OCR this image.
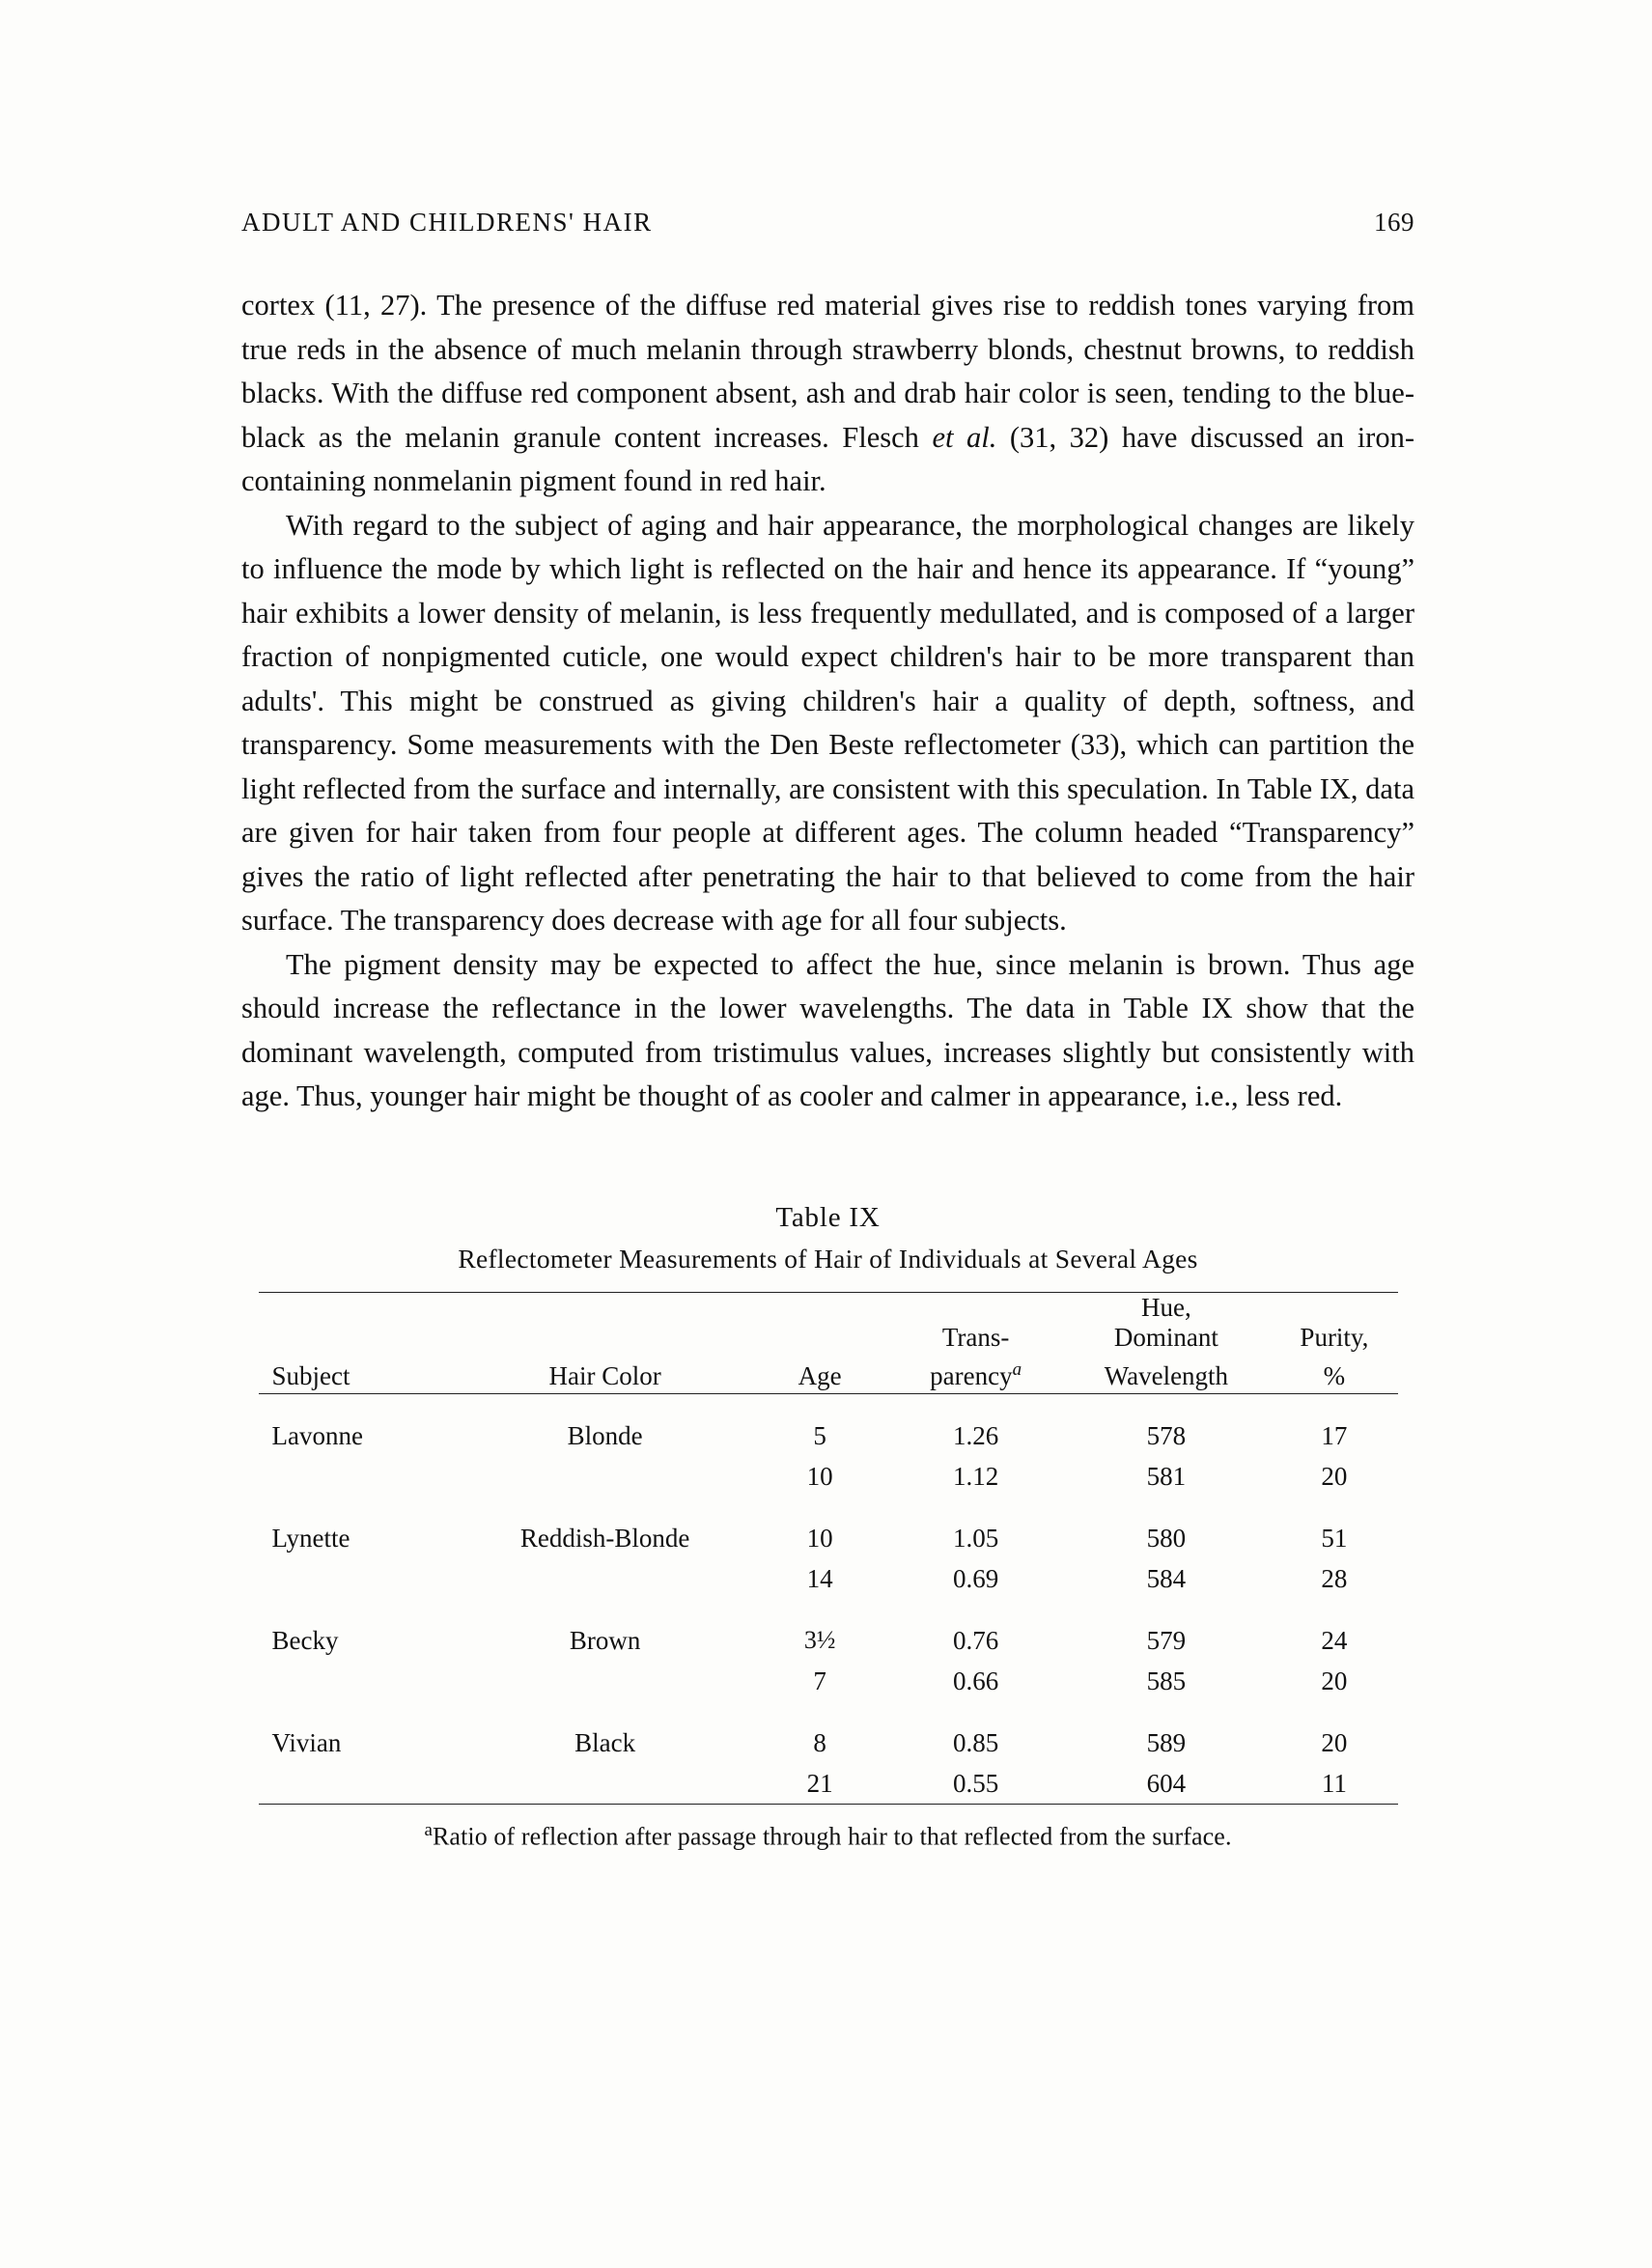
ADULT AND CHILDRENS' HAIR	169

cortex (11, 27). The presence of the diffuse red material gives rise to reddish tones varying from true reds in the absence of much melanin through strawberry blonds, chestnut browns, to reddish blacks. With the diffuse red component absent, ash and drab hair color is seen, tending to the blue-black as the melanin granule content increases. Flesch et al. (31, 32) have discussed an iron-containing nonmelanin pigment found in red hair.

With regard to the subject of aging and hair appearance, the morphological changes are likely to influence the mode by which light is reflected on the hair and hence its appearance. If “young” hair exhibits a lower density of melanin, is less frequently medullated, and is composed of a larger fraction of nonpigmented cuticle, one would expect children's hair to be more transparent than adults'. This might be construed as giving children's hair a quality of depth, softness, and transparency. Some measurements with the Den Beste reflectometer (33), which can partition the light reflected from the surface and internally, are consistent with this speculation. In Table IX, data are given for hair taken from four people at different ages. The column headed “Transparency” gives the ratio of light reflected after penetrating the hair to that believed to come from the hair surface. The transparency does decrease with age for all four subjects.

The pigment density may be expected to affect the hue, since melanin is brown. Thus age should increase the reflectance in the lower wavelengths. The data in Table IX show that the dominant wavelength, computed from tristimulus values, increases slightly but consistently with age. Thus, younger hair might be thought of as cooler and calmer in appearance, i.e., less red.

Table IX
Reflectometer Measurements of Hair of Individuals at Several Ages

				Hue,	
			Trans-	Dominant	Purity,
Subject	Hair Color	Age	parency$^a$	Wavelength	%
Lavonne	Blonde	5	1.26	578	17
		10	1.12	581	20
Lynette	Reddish-Blonde	10	1.05	580	51
		14	0.69	584	28
Becky	Brown	3½	0.76	579	24
		7	0.66	585	20
Vivian	Black	8	0.85	589	20
		21	0.55	604	11
$^a$Ratio of reflection after passage through hair to that reflected from the surface.
